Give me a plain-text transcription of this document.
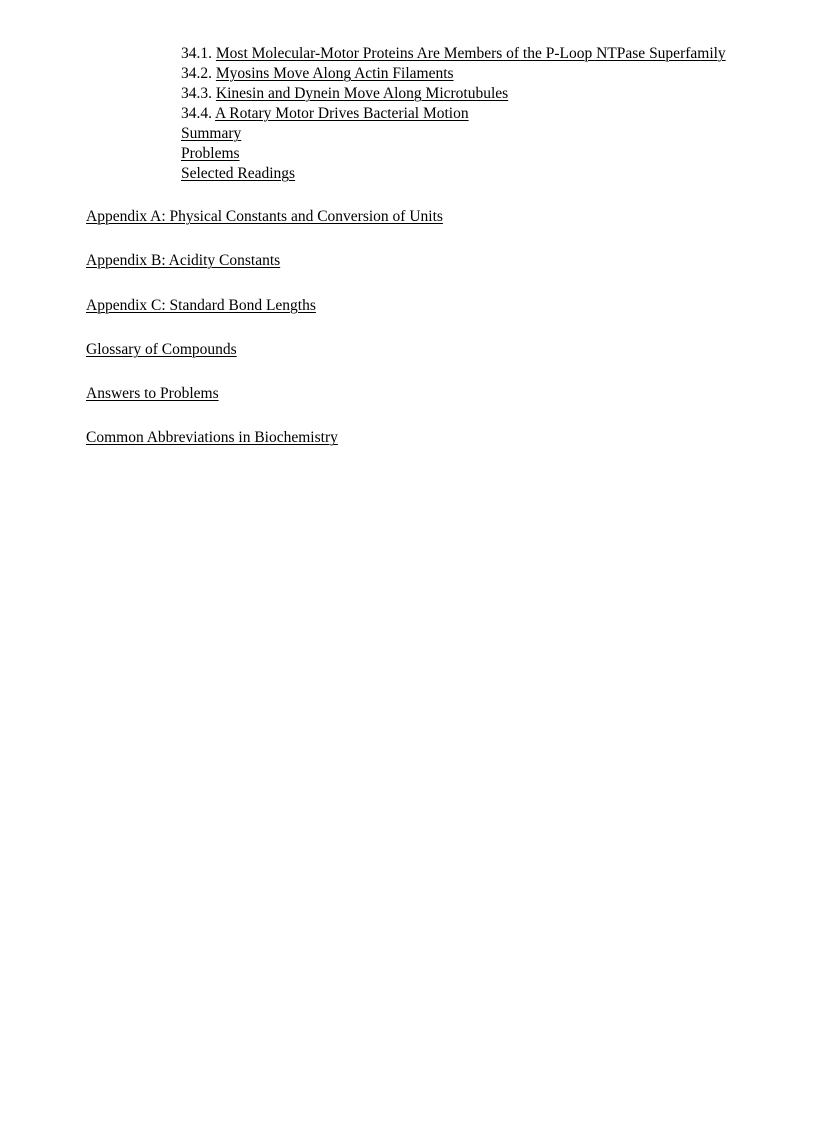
34.1. Most Molecular-Motor Proteins Are Members of the P-Loop NTPase Superfamily
34.2. Myosins Move Along Actin Filaments
34.3. Kinesin and Dynein Move Along Microtubules
34.4. A Rotary Motor Drives Bacterial Motion
Summary
Problems
Selected Readings
Appendix A: Physical Constants and Conversion of Units
Appendix B: Acidity Constants
Appendix C: Standard Bond Lengths
Glossary of Compounds
Answers to Problems
Common Abbreviations in Biochemistry
